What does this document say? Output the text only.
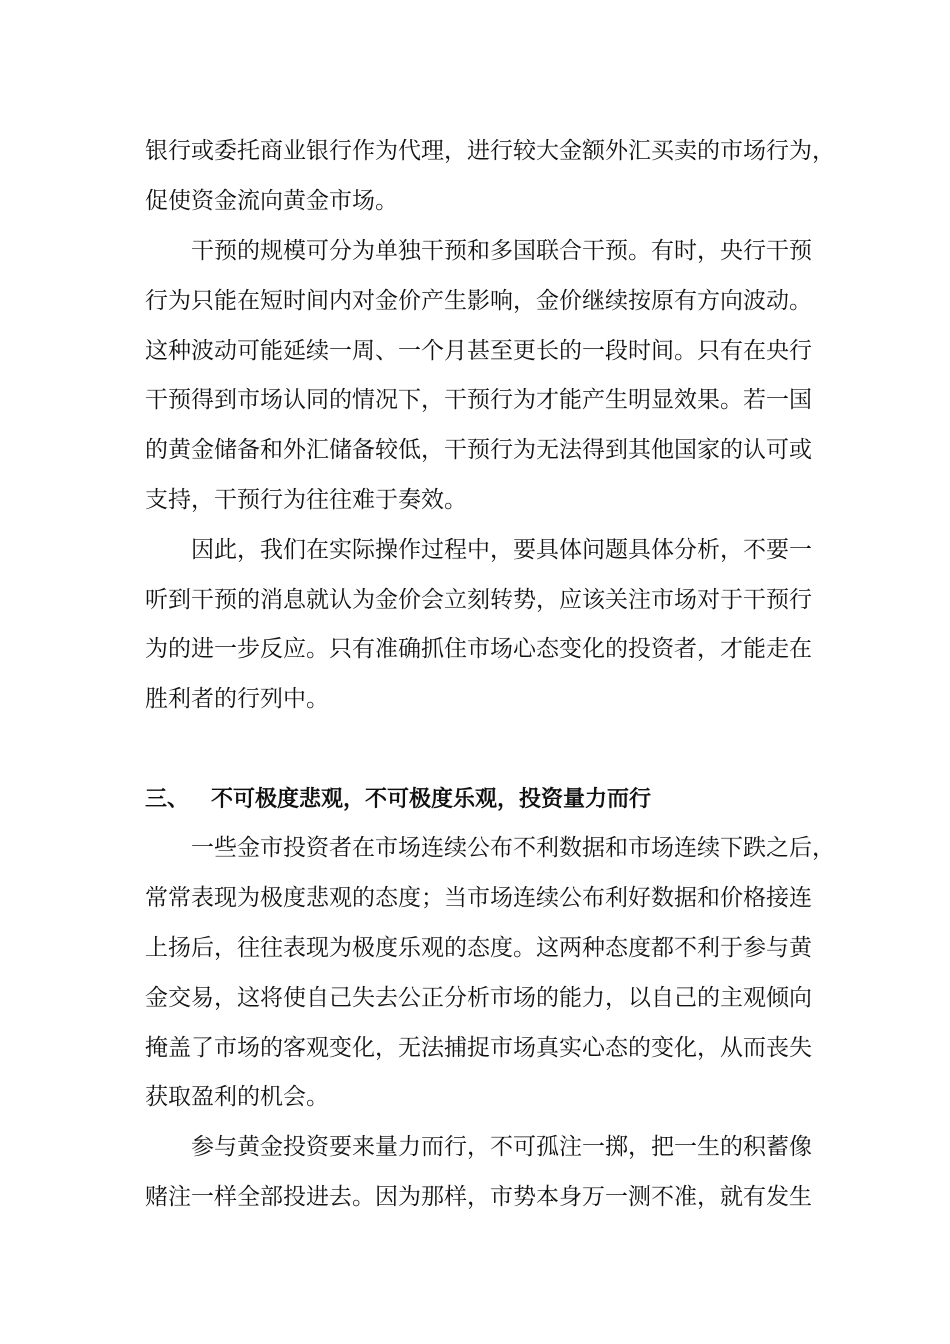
银行或委托商业银行作为代理，进行较大金额外汇买卖的市场行为，
促使资金流向黄金市场。
干预的规模可分为单独干预和多国联合干预。有时，央行干预
行为只能在短时间内对金价产生影响，金价继续按原有方向波动。
这种波动可能延续一周、一个月甚至更长的一段时间。只有在央行
干预得到市场认同的情况下，干预行为才能产生明显效果。若一国
的黄金储备和外汇储备较低，干预行为无法得到其他国家的认可或
支持，干预行为往往难于奏效。
因此，我们在实际操作过程中，要具体问题具体分析，不要一
听到干预的消息就认为金价会立刻转势，应该关注市场对于干预行
为的进一步反应。只有准确抓住市场心态变化的投资者，才能走在
胜利者的行列中。
三、 不可极度悲观，不可极度乐观，投资量力而行
一些金市投资者在市场连续公布不利数据和市场连续下跌之后，
常常表现为极度悲观的态度；当市场连续公布利好数据和价格接连
上扬后，往往表现为极度乐观的态度。这两种态度都不利于参与黄
金交易，这将使自己失去公正分析市场的能力，以自己的主观倾向
掩盖了市场的客观变化，无法捕捉市场真实心态的变化，从而丧失
获取盈利的机会。
参与黄金投资要来量力而行，不可孤注一掷，把一生的积蓄像
赌注一样全部投进去。因为那样，市势本身万一测不准，就有发生
